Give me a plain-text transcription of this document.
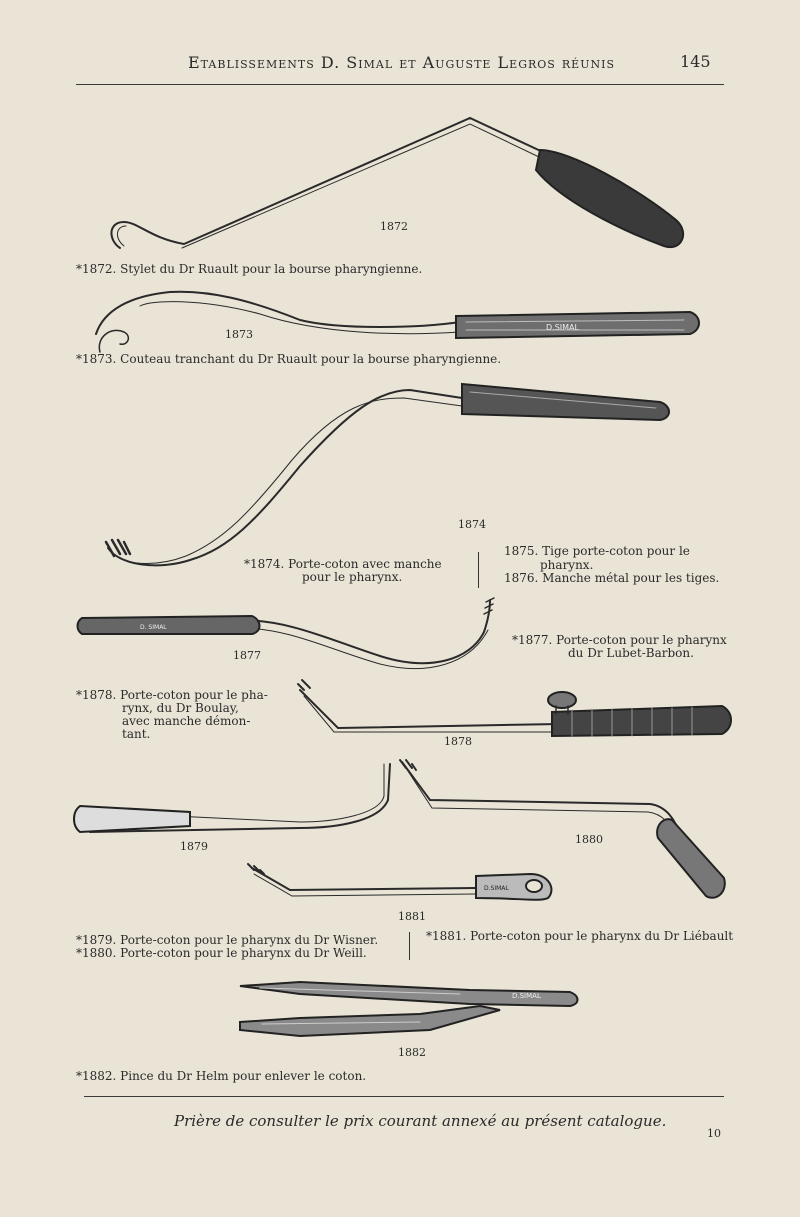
Etablissements D. Simal et Auguste Legros réunis	145
D.SIMAL
D. SIMAL
D.SIMAL
D.SIMAL
1872
1873
1874
1877
1878
1879
1880
1881
1882
*1872. Stylet du Dr Ruault pour la bourse pharyngienne.
*1873. Couteau tranchant du Dr Ruault pour la bourse pharyngienne.
*1874. Porte-coton avec manche
pour le pharynx.
1875. Tige porte-coton pour le
pharynx.
1876. Manche métal pour les tiges.
*1877. Porte-coton pour le pharynx
du Dr Lubet-Barbon.
*1878. Porte-coton pour le pha-
rynx, du Dr Boulay,
avec manche démon-
tant.
*1879. Porte-coton pour le pharynx du Dr Wisner.
*1880. Porte-coton pour le pharynx du Dr Weill.
*1881. Porte-coton pour le pharynx du Dr Liébault
*1882. Pince du Dr Helm pour enlever le coton.
Prière de consulter le prix courant annexé au présent catalogue.
10
